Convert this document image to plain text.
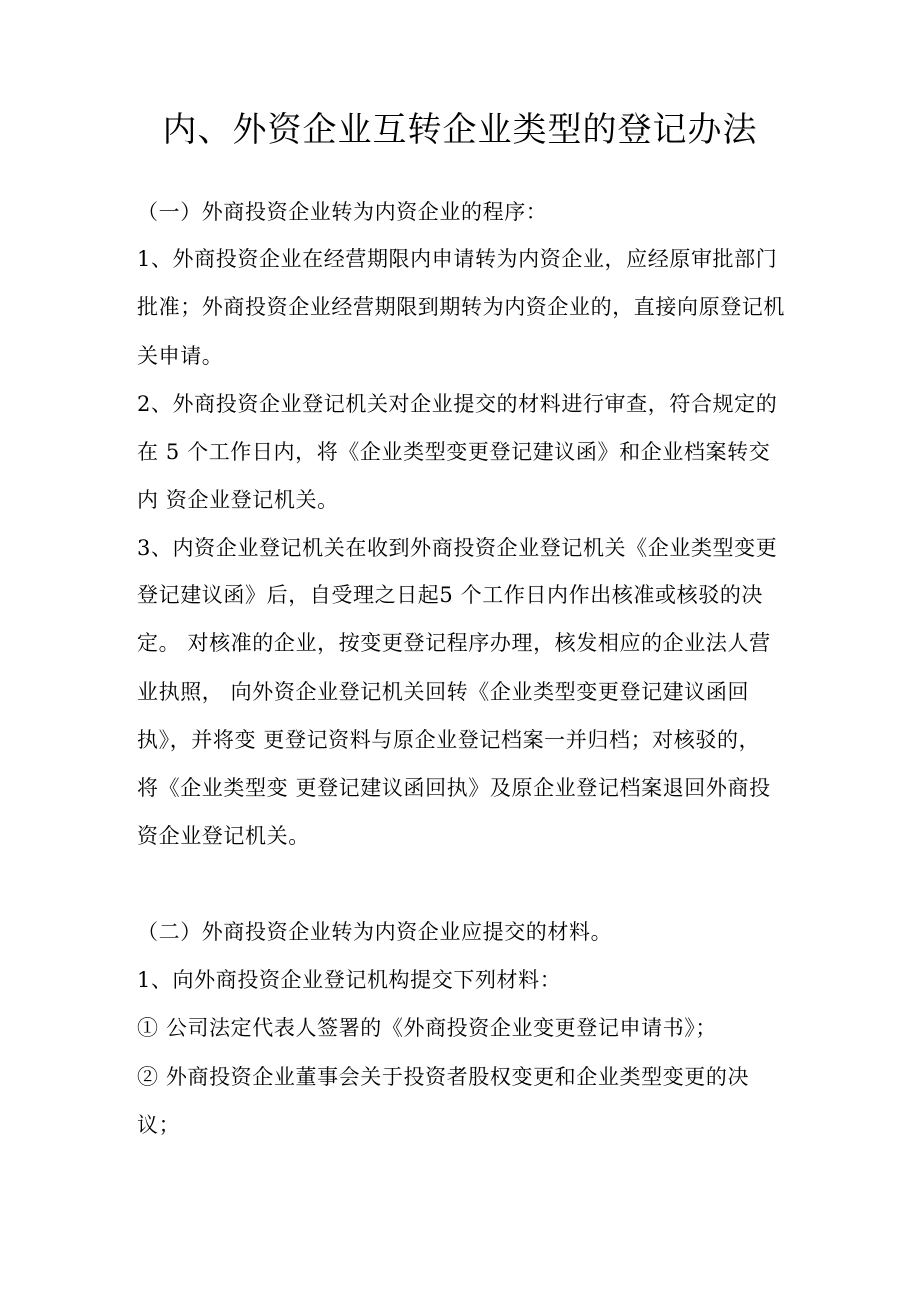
内、外资企业互转企业类型的登记办法
（一）外商投资企业转为内资企业的程序：
1、外商投资企业在经营期限内申请转为内资企业，应经原审批部门
批准；外商投资企业经营期限到期转为内资企业的，直接向原登记机
关申请。
2、外商投资企业登记机关对企业提交的材料进行审查，符合规定的
在 5 个工作日内，将《企业类型变更登记建议函》和企业档案转交
内 资企业登记机关。
3、内资企业登记机关在收到外商投资企业登记机关《企业类型变更
登记建议函》后，自受理之日起5 个工作日内作出核准或核驳的决
定。 对核准的企业，按变更登记程序办理，核发相应的企业法人营
业执照， 向外资企业登记机关回转《企业类型变更登记建议函回
执》，并将变 更登记资料与原企业登记档案一并归档；对核驳的，
将《企业类型变 更登记建议函回执》及原企业登记档案退回外商投
资企业登记机关。
（二）外商投资企业转为内资企业应提交的材料。
1、向外商投资企业登记机构提交下列材料：
① 公司法定代表人签署的《外商投资企业变更登记申请书》；
② 外商投资企业董事会关于投资者股权变更和企业类型变更的决
议；
